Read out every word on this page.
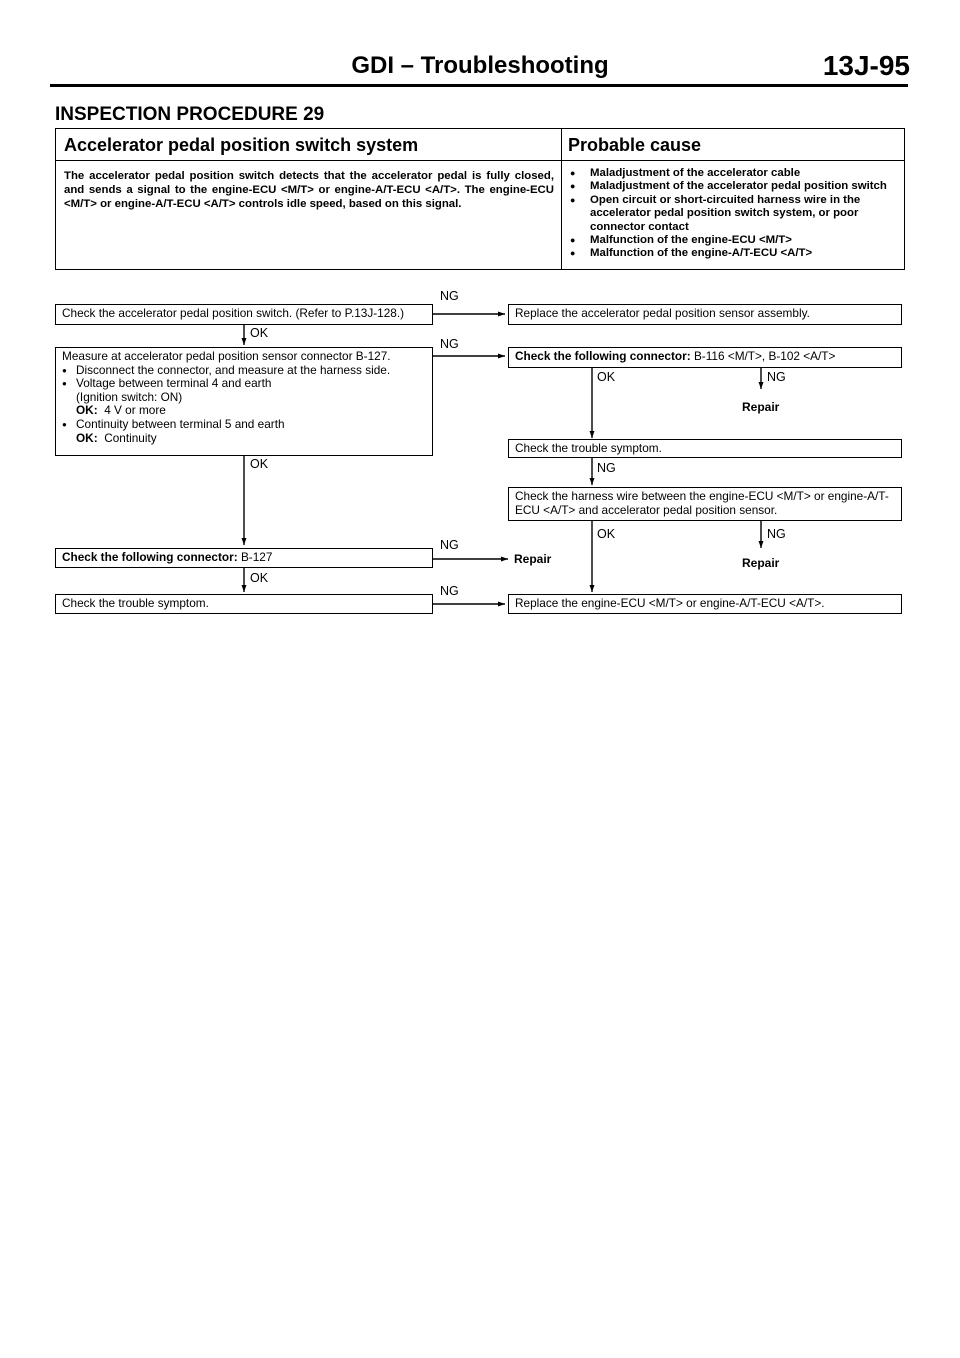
GDI – Troubleshooting	13J-95
INSPECTION PROCEDURE 29
Accelerator pedal position switch system	Probable cause
The accelerator pedal position switch detects that the accelerator pedal is fully closed, and sends a signal to the engine-ECU <M/T> or engine-A/T-ECU <A/T>. The engine-ECU <M/T> or engine-A/T-ECU <A/T> controls idle speed, based on this signal.
● Maladjustment of the accelerator cable
● Maladjustment of the accelerator pedal position switch
● Open circuit or short-circuited harness wire in the accelerator pedal position switch system, or poor connector contact
● Malfunction of the engine-ECU <M/T>
● Malfunction of the engine-A/T-ECU <A/T>
Check the accelerator pedal position switch. (Refer to P.13J-128.)	Replace the accelerator pedal position sensor assembly.
NG
OK
Measure at accelerator pedal position sensor connector B-127.
● Disconnect the connector, and measure at the harness side.
● Voltage between terminal 4 and earth
(Ignition switch: ON)
OK: 4 V or more
● Continuity between terminal 5 and earth
OK: Continuity
NG
OK
Check the following connector: B-116 <M/T>, B-102 <A/T>
OK	NG
Repair
Check the trouble symptom.
NG
Check the harness wire between the engine-ECU <M/T> or engine-A/T-ECU <A/T> and accelerator pedal position sensor.
OK	NG
Repair	Repair
Check the following connector: B-127
NG
OK
Check the trouble symptom.
NG
Replace the engine-ECU <M/T> or engine-A/T-ECU <A/T>.
